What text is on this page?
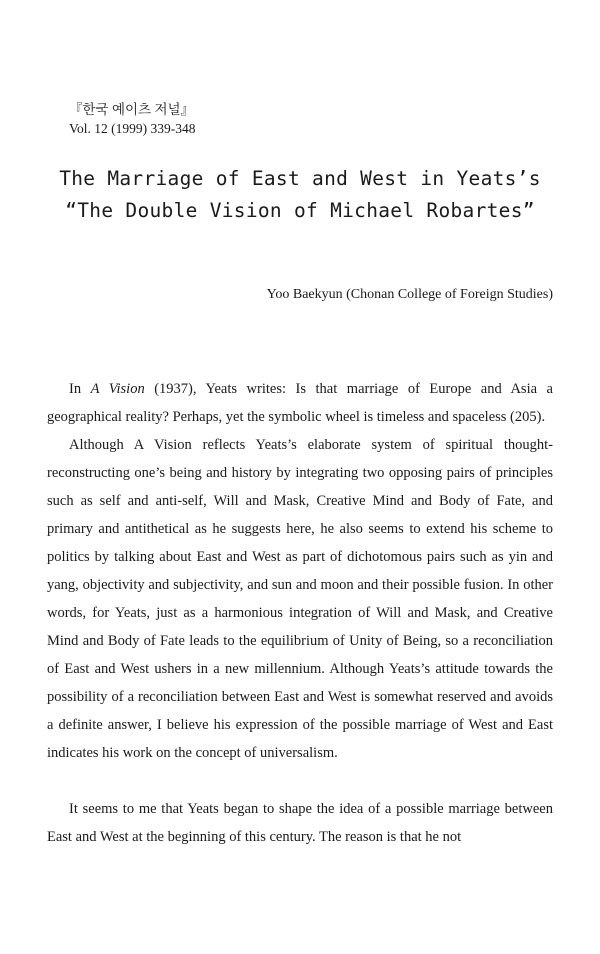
『한국 예이츠 저널』
Vol. 12 (1999) 339-348
The Marriage of East and West in Yeats’s
“The Double Vision of Michael Robartes”
Yoo Baekyun (Chonan College of Foreign Studies)

In A Vision (1937), Yeats writes: Is that marriage of Europe and Asia a geographical reality? Perhaps, yet the symbolic wheel is timeless and spaceless (205).

Although A Vision reflects Yeats’s elaborate system of spiritual thought-reconstructing one’s being and history by integrating two opposing pairs of principles such as self and anti-self, Will and Mask, Creative Mind and Body of Fate, and primary and antithetical as he suggests here, he also seems to extend his scheme to politics by talking about East and West as part of dichotomous pairs such as yin and yang, objectivity and subjectivity, and sun and moon and their possible fusion. In other words, for Yeats, just as a harmonious integration of Will and Mask, and Creative Mind and Body of Fate leads to the equilibrium of Unity of Being, so a reconciliation of East and West ushers in a new millennium. Although Yeats’s attitude towards the possibility of a reconciliation between East and West is somewhat reserved and avoids a definite answer, I believe his expression of the possible marriage of West and East indicates his work on the concept of universalism.

It seems to me that Yeats began to shape the idea of a possible marriage between East and West at the beginning of this century. The reason is that he not
